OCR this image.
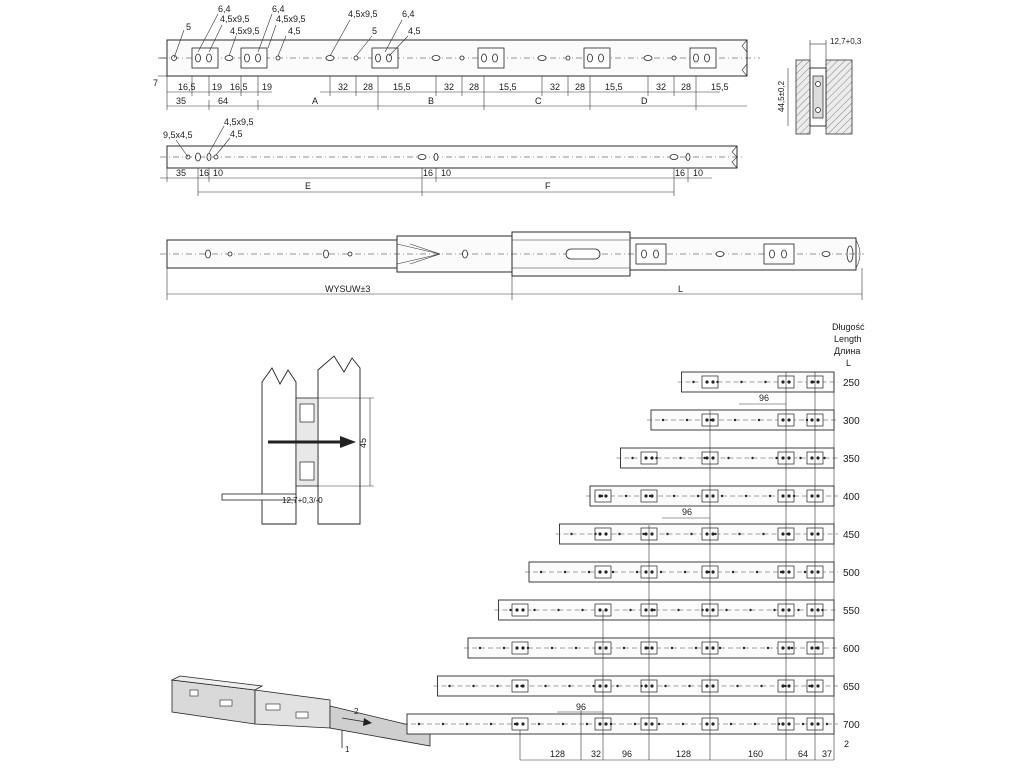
5
6,4
4,5x9,5
4,5x9,5
6,4
4,5x9,5
4,5
4,5x9,5
5
6,4
4,5
7 16,5 19 16,5 19	32 28 15,5	32 28 15,5	32 28 15,5	32 28 15,5
35	64	A	B	C	D
12,7+0,3
44,5±0,2
4,5x9,5
9,5x4,5	4,5
35 16 10	16 10	16 10
E	F
WYSUW±3	L
45
12,7+0,3/-0
2
1
Długość
Length
Длина
L
250
300
350
400
450
500
550
600
650
700
96
96
96
128	32 96	128	160	64 37
2
